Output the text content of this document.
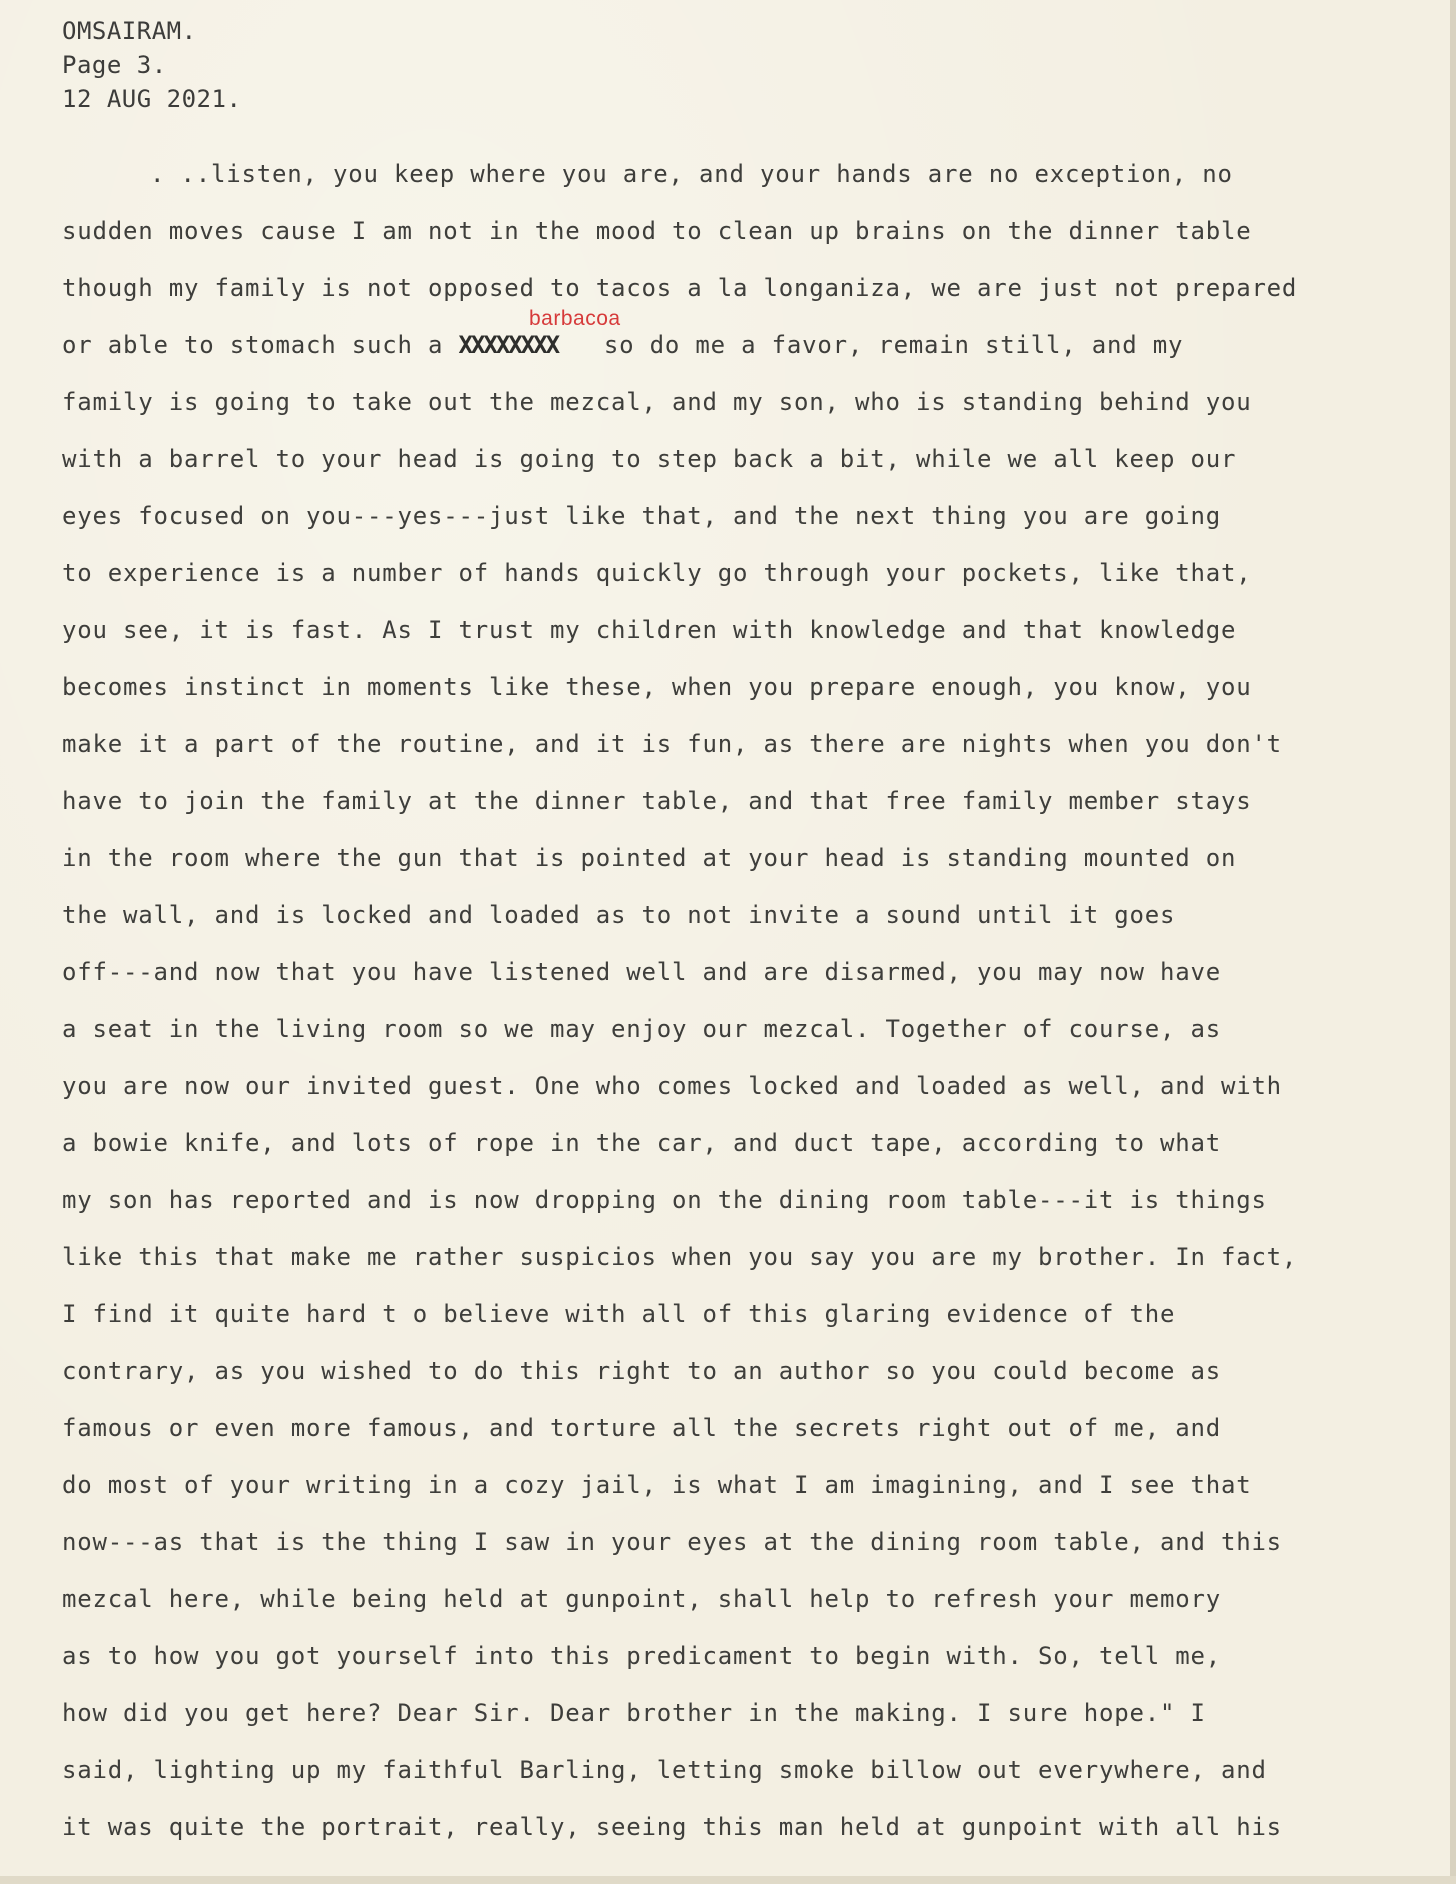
OMSAIRAM.
Page 3.
12 AUG 2021.
. ..listen, you keep where you are, and your hands are no exception, no
sudden moves cause I am not in the mood to clean up brains on the dinner table
though my family is not opposed to tacos a la longaniza, we are just not prepared
barbacoa
or able to stomach such a XXXXXXXX so do me a favor, remain still, and my
family is going to take out the mezcal, and my son, who is standing behind you
with a barrel to your head is going to step back a bit, while we all keep our
eyes focused on you---yes---just like that, and the next thing you are going
to experience is a number of hands quickly go through your pockets, like that,
you see, it is fast. As I trust my children with knowledge and that knowledge
becomes instinct in moments like these, when you prepare enough, you know, you
make it a part of the routine, and it is fun, as there are nights when you don't
have to join the family at the dinner table, and that free family member stays
in the room where the gun that is pointed at your head is standing mounted on
the wall, and is locked and loaded as to not invite a sound until it goes
off---and now that you have listened well and are disarmed, you may now have
a seat in the living room so we may enjoy our mezcal. Together of course, as
you are now our invited guest. One who comes locked and loaded as well, and with
a bowie knife, and lots of rope in the car, and duct tape, according to what
my son has reported and is now dropping on the dining room table---it is things
like this that make me rather suspicios when you say you are my brother. In fact,
I find it quite hard t o believe with all of this glaring evidence of the
contrary, as you wished to do this right to an author so you could become as
famous or even more famous, and torture all the secrets right out of me, and
do most of your writing in a cozy jail, is what I am imagining, and I see that
now---as that is the thing I saw in your eyes at the dining room table, and this
mezcal here, while being held at gunpoint, shall help to refresh your memory
as to how you got yourself into this predicament to begin with. So, tell me,
how did you get here? Dear Sir. Dear brother in the making. I sure hope." I
said, lighting up my faithful Barling, letting smoke billow out everywhere, and
it was quite the portrait, really, seeing this man held at gunpoint with all his
